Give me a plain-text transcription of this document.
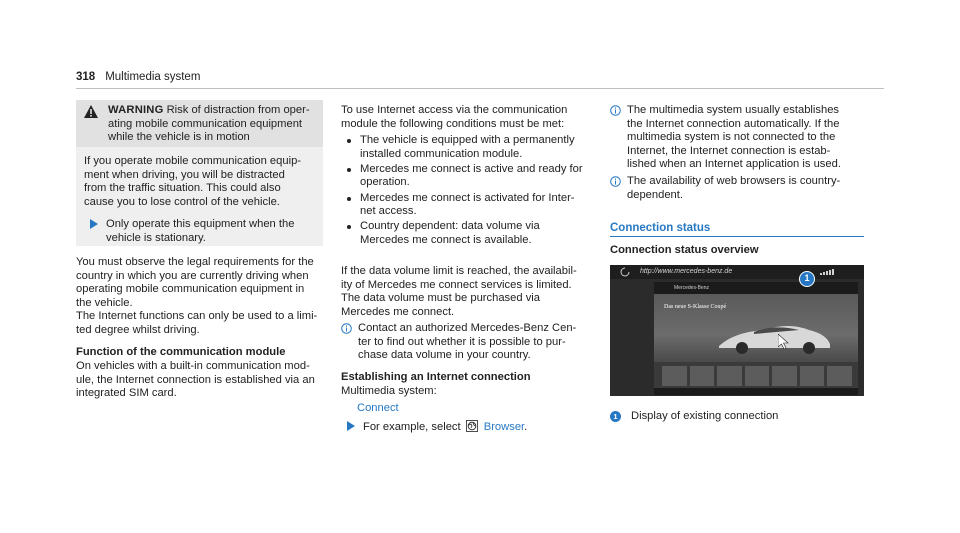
318 Multimedia system
WARNING Risk of distraction from oper-
ating mobile communication equipment
while the vehicle is in motion
If you operate mobile communication equip-
ment when driving, you will be distracted
from the traffic situation. This could also
cause you to lose control of the vehicle.
Only operate this equipment when the
vehicle is stationary.
You must observe the legal requirements for the
country in which you are currently driving when
operating mobile communication equipment in
the vehicle.
The Internet functions can only be used to a limi-
ted degree whilst driving.
Function of the communication module
On vehicles with a built-in communication mod-
ule, the Internet connection is established via an
integrated SIM card.
To use Internet access via the communication
module the following conditions must be met:
The vehicle is equipped with a permanently
installed communication module.
Mercedes me connect is active and ready for
operation.
Mercedes me connect is activated for Inter-
net access.
Country dependent: data volume via
Mercedes me connect is available.
If the data volume limit is reached, the availabil-
ity of Mercedes me connect services is limited.
The data volume must be purchased via
Mercedes me connect.
Contact an authorized Mercedes-Benz Cen-
ter to find out whether it is possible to pur-
chase data volume in your country.
Establishing an Internet connection
Multimedia system:
Connect
For example, select Browser.
The multimedia system usually establishes
the Internet connection automatically. If the
multimedia system is not connected to the
Internet, the Internet connection is estab-
lished when an Internet application is used.
The availability of web browsers is country-
dependent.
Connection status
Connection status overview
http://www.mercedes-benz.de
Mercedes-Benz
Das neue S-Klasse Coupé
1
1	Display of existing connection
